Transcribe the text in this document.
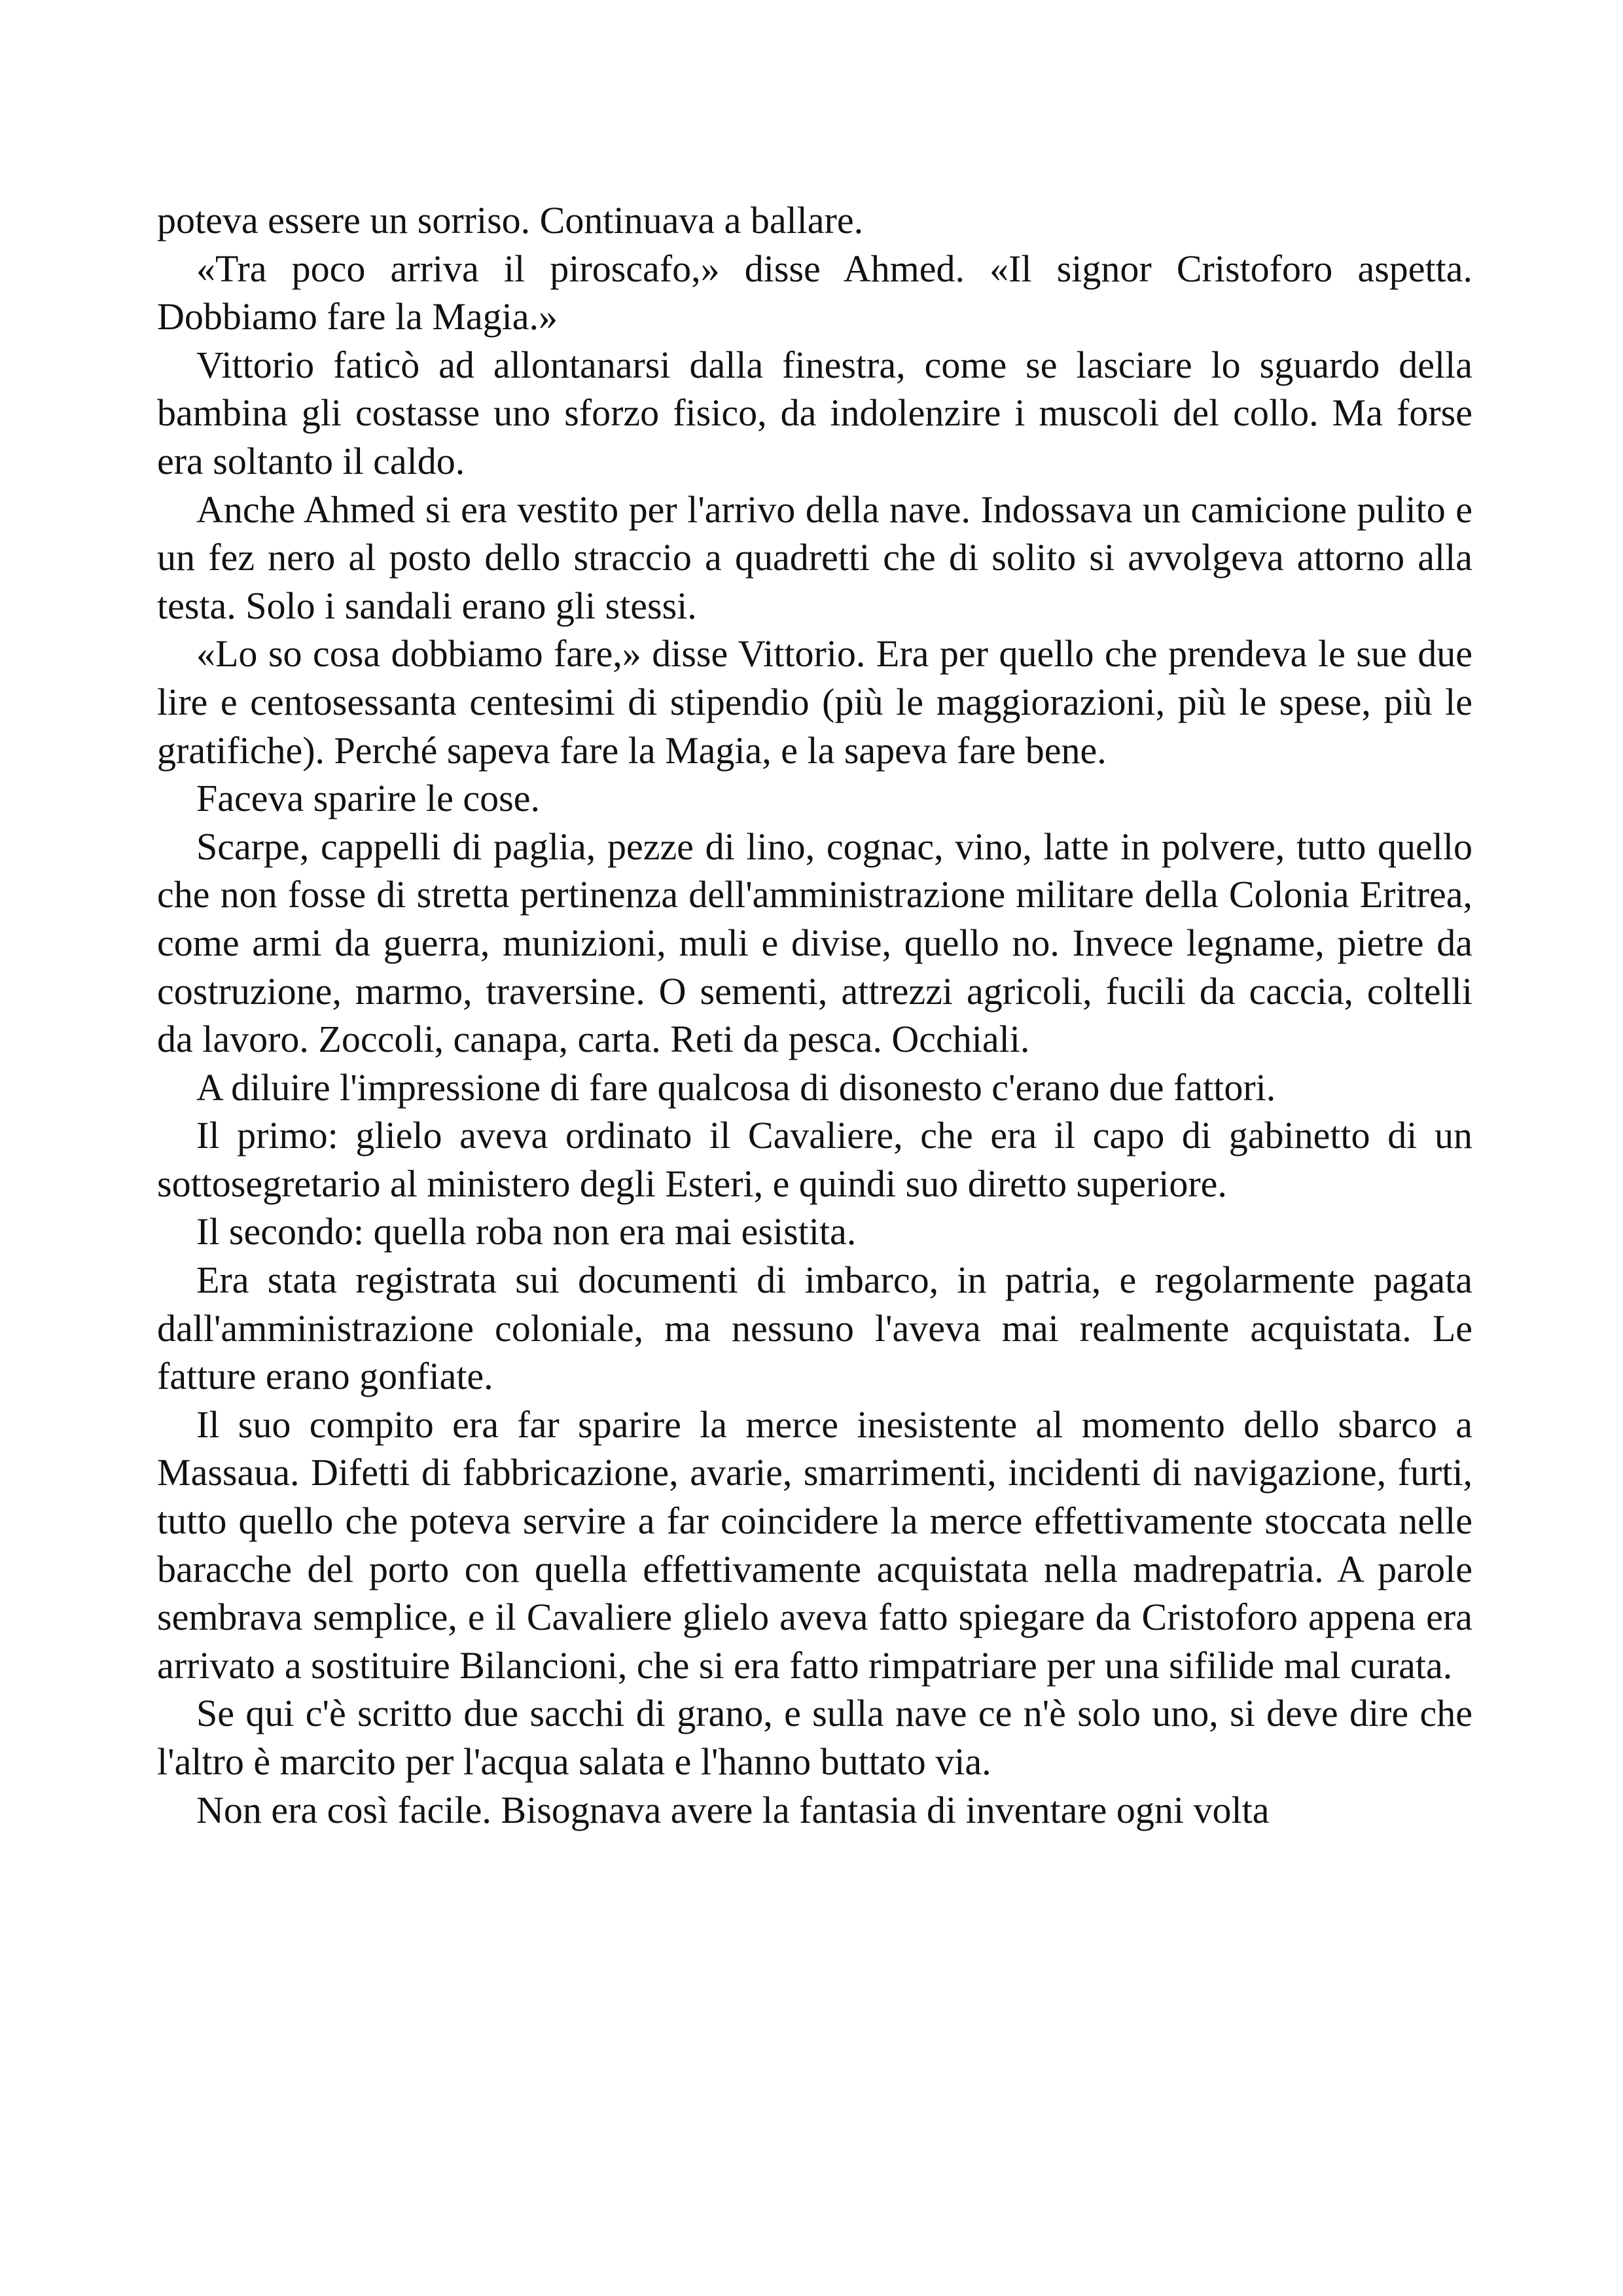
poteva essere un sorriso. Continuava a ballare.

«Tra poco arriva il piroscafo,» disse Ahmed. «Il signor Cristoforo aspetta. Dobbiamo fare la Magia.»

Vittorio faticò ad allontanarsi dalla finestra, come se lasciare lo sguardo della bambina gli costasse uno sforzo fisico, da indolenzire i muscoli del collo. Ma forse era soltanto il caldo.

Anche Ahmed si era vestito per l'arrivo della nave. Indossava un camicione pulito e un fez nero al posto dello straccio a quadretti che di solito si avvolgeva attorno alla testa. Solo i sandali erano gli stessi.

«Lo so cosa dobbiamo fare,» disse Vittorio. Era per quello che prendeva le sue due lire e centosessanta centesimi di stipendio (più le maggiorazioni, più le spese, più le gratifiche). Perché sapeva fare la Magia, e la sapeva fare bene.

Faceva sparire le cose.

Scarpe, cappelli di paglia, pezze di lino, cognac, vino, latte in polvere, tutto quello che non fosse di stretta pertinenza dell'amministrazione militare della Colonia Eritrea, come armi da guerra, munizioni, muli e divise, quello no. Invece legname, pietre da costruzione, marmo, traversine. O sementi, attrezzi agricoli, fucili da caccia, coltelli da lavoro. Zoccoli, canapa, carta. Reti da pesca. Occhiali.

A diluire l'impressione di fare qualcosa di disonesto c'erano due fattori.

Il primo: glielo aveva ordinato il Cavaliere, che era il capo di gabinetto di un sottosegretario al ministero degli Esteri, e quindi suo diretto superiore.

Il secondo: quella roba non era mai esistita.

Era stata registrata sui documenti di imbarco, in patria, e regolarmente pagata dall'amministrazione coloniale, ma nessuno l'aveva mai realmente acquistata. Le fatture erano gonfiate.

Il suo compito era far sparire la merce inesistente al momento dello sbarco a Massaua. Difetti di fabbricazione, avarie, smarrimenti, incidenti di navigazione, furti, tutto quello che poteva servire a far coincidere la merce effettivamente stoccata nelle baracche del porto con quella effettivamente acquistata nella madrepatria. A parole sembrava semplice, e il Cavaliere glielo aveva fatto spiegare da Cristoforo appena era arrivato a sostituire Bilancioni, che si era fatto rimpatriare per una sifilide mal curata.

Se qui c'è scritto due sacchi di grano, e sulla nave ce n'è solo uno, si deve dire che l'altro è marcito per l'acqua salata e l'hanno buttato via.

Non era così facile. Bisognava avere la fantasia di inventare ogni volta
